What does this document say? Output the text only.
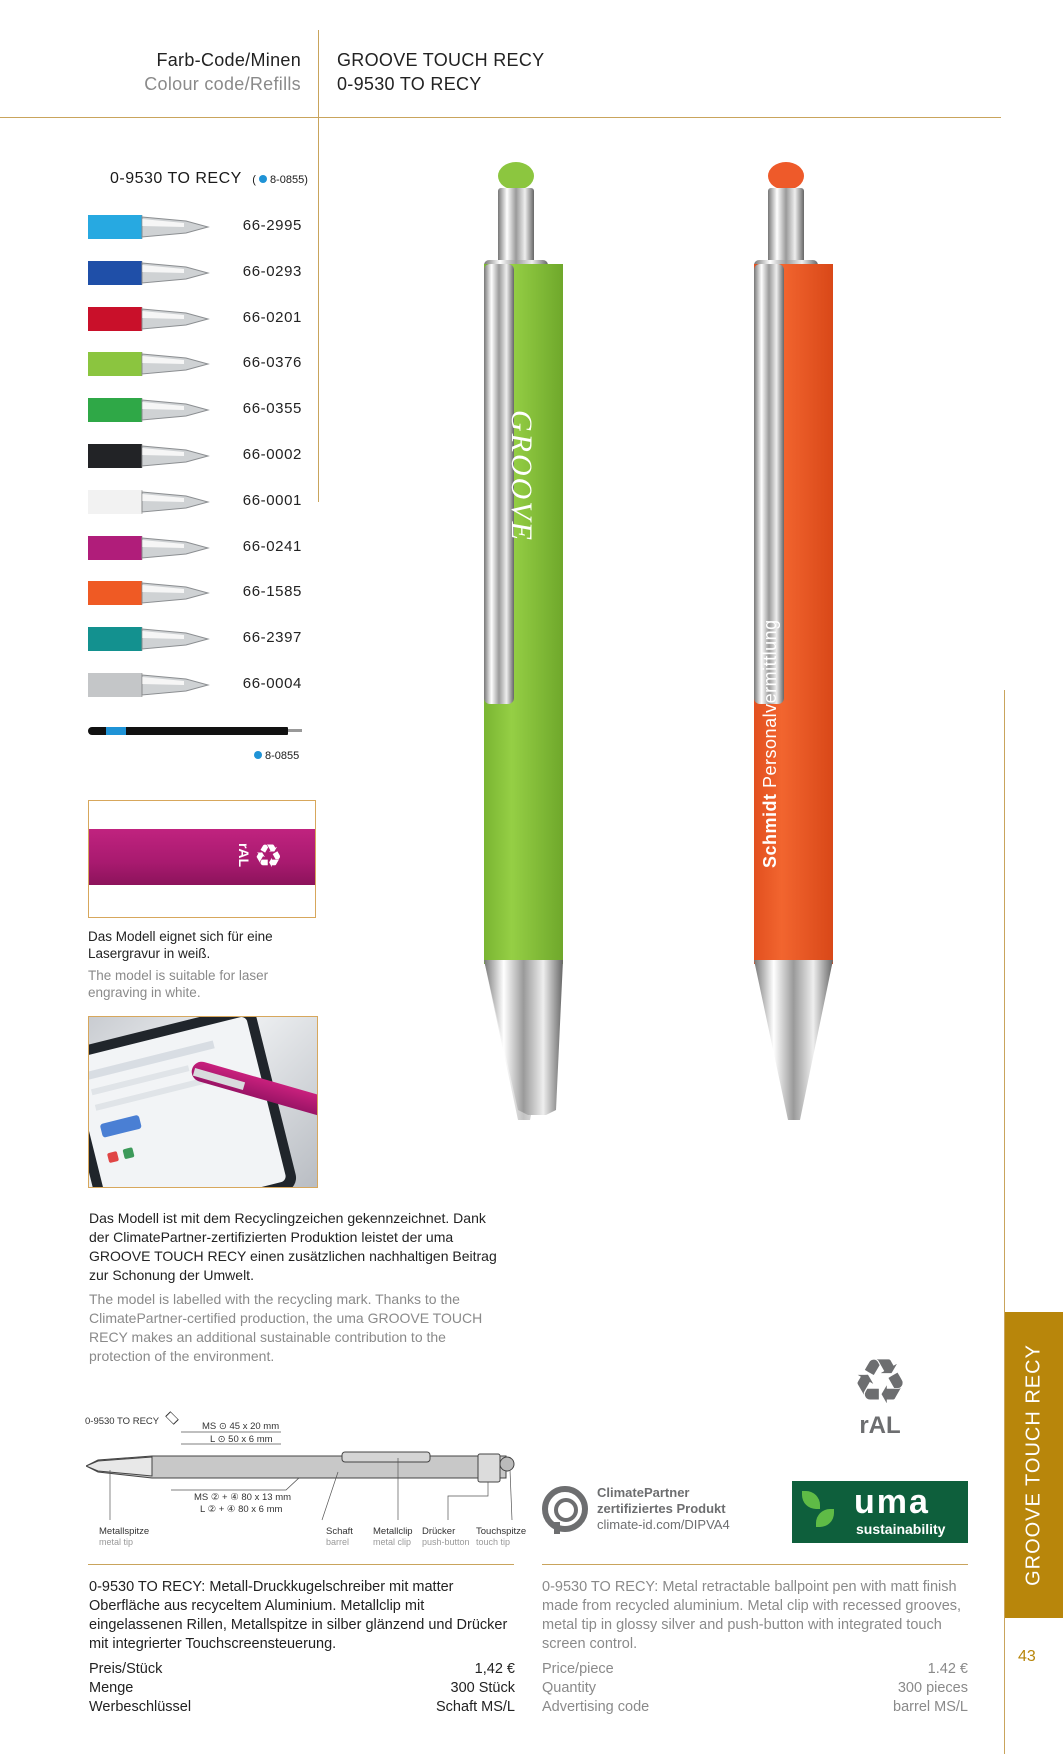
Farb-Code/Minen
Colour code/Refills
GROOVE TOUCH RECY
0-9530 TO RECY
0-9530 TO RECY ( 8-0855)
66-2995
66-0293
66-0201
66-0376
66-0355
66-0002
66-0001
66-0241
66-1585
66-2397
66-0004
8-0855
rAL ♻
Das Modell eignet sich für eine Lasergravur in weiß.
The model is suitable for laser engraving in white.
Das Modell ist mit dem Recyclingzeichen gekennzeichnet. Dank der ClimatePartner-zertifizierten Produktion leistet der uma GROOVE TOUCH RECY einen zusätzlichen nachhaltigen Beitrag zur Schonung der Umwelt.
The model is labelled with the recycling mark. Thanks to the ClimatePartner-certified production, the uma GROOVE TOUCH RECY makes an additional sustainable contribution to the protection of the environment.
GROOVE
Schmidt Personalvermittlung
♻
rAL
0-9530 TO RECY	MS ⊙ 45 x 20 mm
L ⊙ 50 x 6 mm
MS ② + ④ 80 x 13 mm
L ② + ④ 80 x 6 mm
Metallspitze
metal tip
Schaft
barrel
Metallclip
metal clip
Drücker
push-button
Touchspitze
touch tip
ClimatePartner
zertifiziertes Produkt
climate-id.com/DIPVA4
uma
sustainability
0-9530 TO RECY: Metall-Druckkugelschreiber mit matter Oberfläche aus recyceltem Aluminium. Metallclip mit eingelassenen Rillen, Metallspitze in silber glänzend und Drücker mit integrierter Touchscreensteuerung.
0-9530 TO RECY: Metal retractable ballpoint pen with matt finish made from recycled aluminium. Metal clip with recessed grooves, metal tip in glossy silver and push-button with integrated touch screen control.
Preis/Stück	1,42 €
Menge	300 Stück
Werbeschlüssel	Schaft MS/L
Price/piece	1.42 €
Quantity	300 pieces
Advertising code	barrel MS/L
GROOVE TOUCH RECY
43
